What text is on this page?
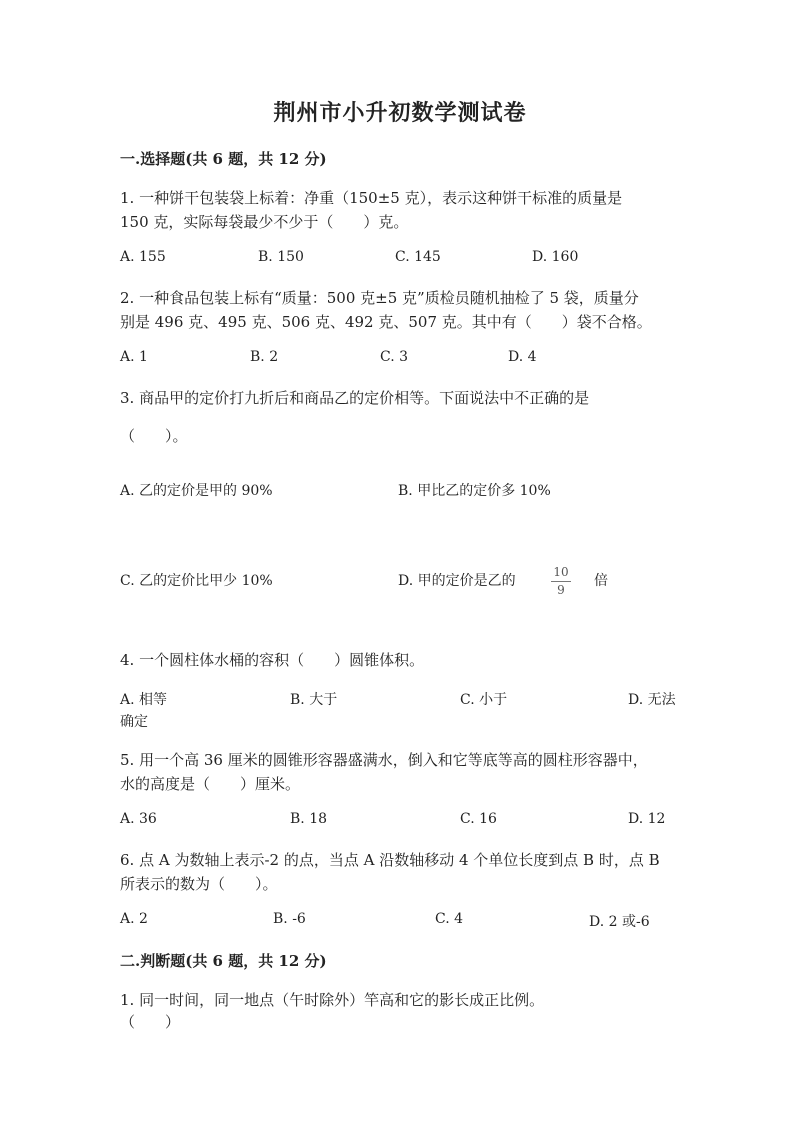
荆州市小升初数学测试卷
一.选择题(共 6 题，共 12 分)
1. 一种饼干包装袋上标着：净重（150±5 克），表示这种饼干标准的质量是
150 克，实际每袋最少不少于（　　）克。
A. 155	B. 150	C. 145	D. 160
2. 一种食品包装上标有“质量：500 克±5 克”质检员随机抽检了 5 袋，质量分
别是 496 克、495 克、506 克、492 克、507 克。其中有（　　）袋不合格。
A. 1	B. 2	C. 3	D. 4
3. 商品甲的定价打九折后和商品乙的定价相等。下面说法中不正确的是
（　　）。
A. 乙的定价是甲的 90%	B. 甲比乙的定价多 10%
C. 乙的定价比甲少 10%	D. 甲的定价是乙的
10
9
倍
4. 一个圆柱体水桶的容积（　　）圆锥体积。
A. 相等	B. 大于	C. 小于	D. 无法
确定
5. 用一个高 36 厘米的圆锥形容器盛满水，倒入和它等底等高的圆柱形容器中，
水的高度是（　　）厘米。
A. 36	B. 18	C. 16	D. 12
6. 点 A 为数轴上表示-2 的点，当点 A 沿数轴移动 4 个单位长度到点 B 时，点 B
所表示的数为（　　）。
A. 2	B. -6	C. 4	D. 2 或-6
二.判断题(共 6 题，共 12 分)
1. 同一时间，同一地点（午时除外）竿高和它的影长成正比例。
（　　）
